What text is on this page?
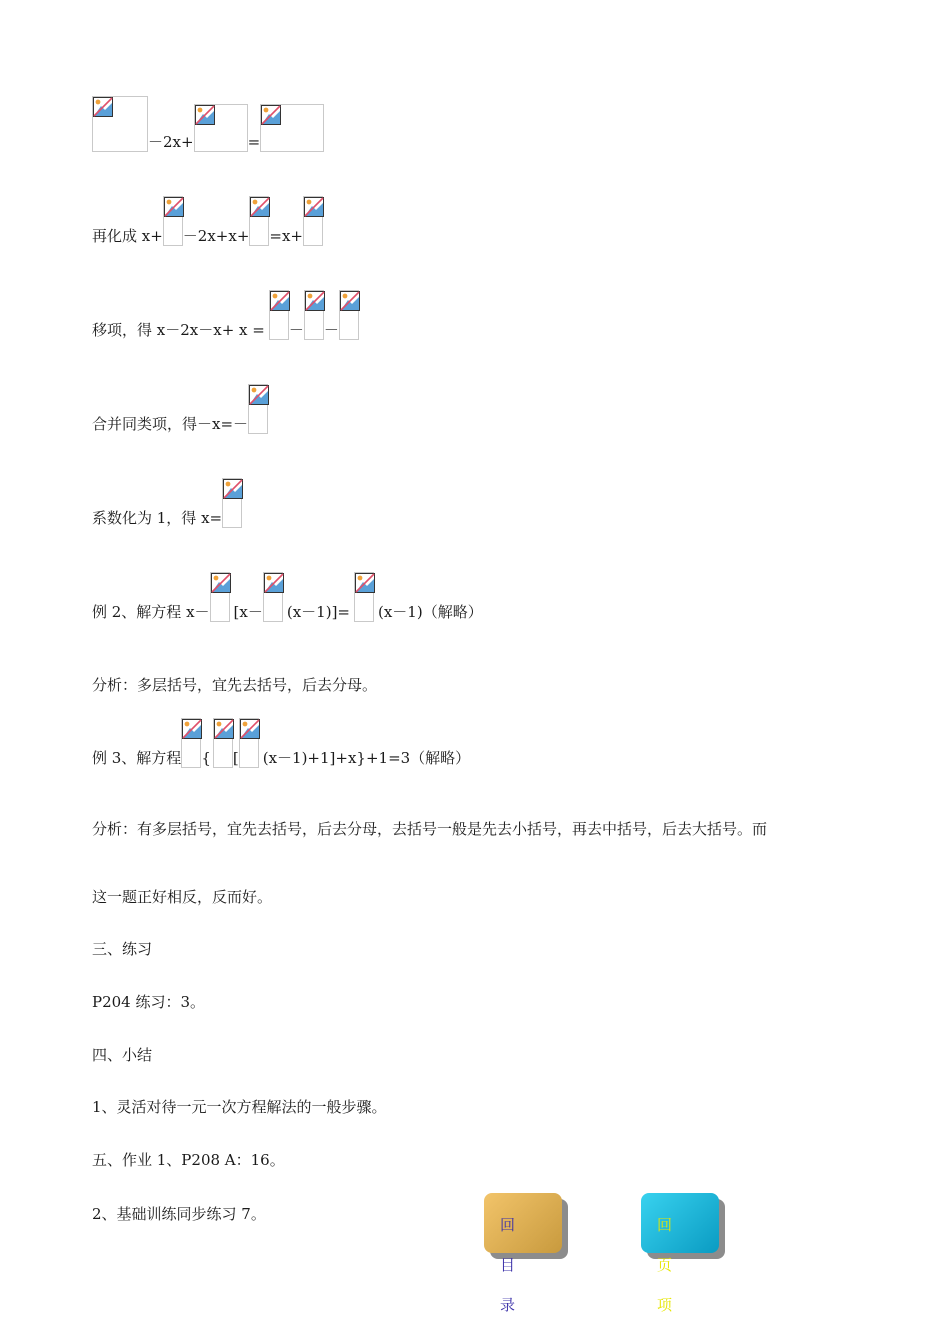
－2x+	=
再化成 x+ －2x+x+ =x+
移项，得 x－2x－x+ x = － －
合并同类项，得－x=－
系数化为 1，得 x=
例 2、解方程 x－ [x－ (x－1)]= (x－1)（解略）
分析：多层括号，宜先去括号，后去分母。
例 3、解方程 { [ (x－1)+1]+x}+1=3（解略）
分析：有多层括号，宜先去括号，后去分母，去括号一般是先去小括号，再去中括号，后去大括号。而
这一题正好相反，反而好。
三、练习
P204 练习：3。
四、小结
1、灵活对待一元一次方程解法的一般步骤。
五、作业 1、P208 A：16。
2、基础训练同步练习 7。
回目录
回页项
